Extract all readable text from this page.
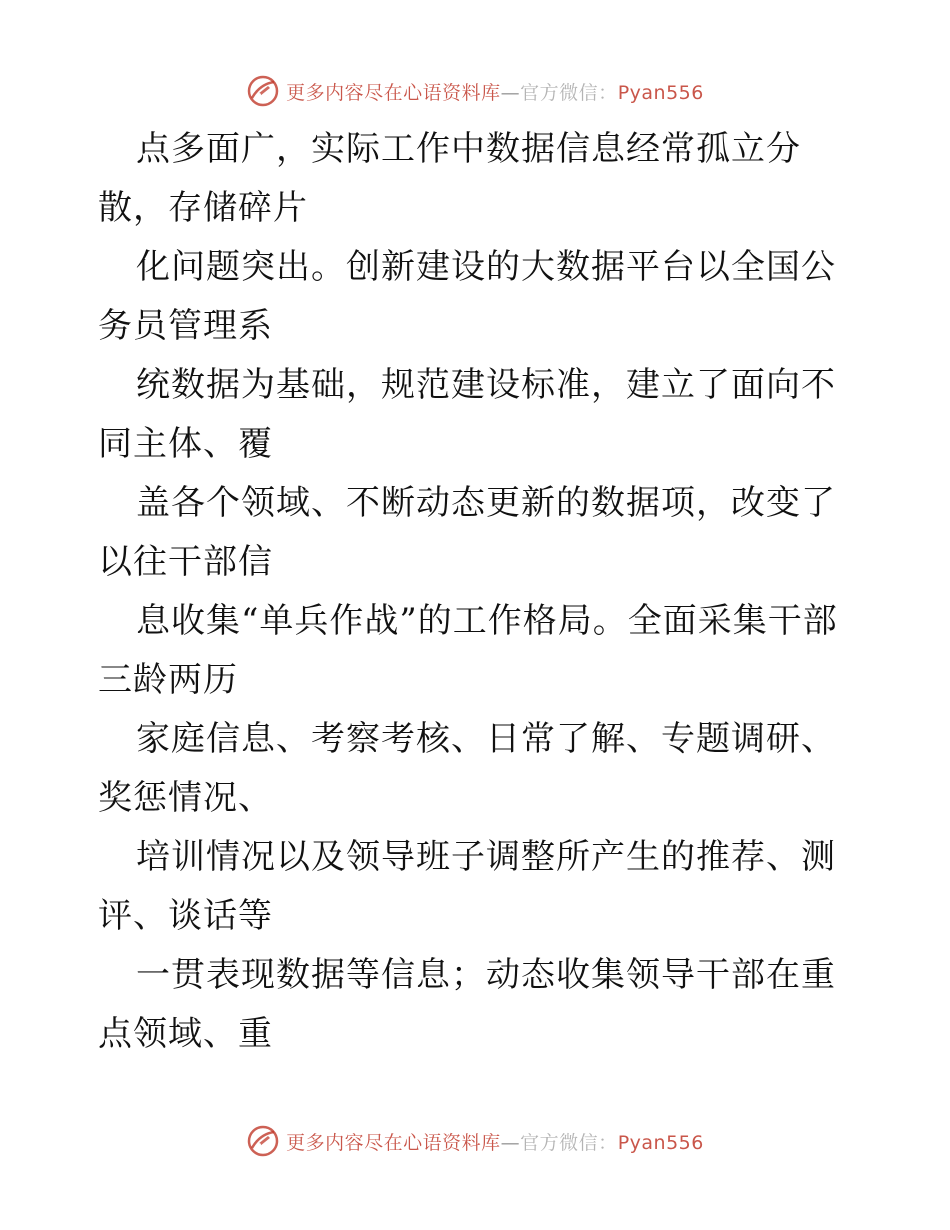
更多内容尽在心语资料库—官方微信：Pyan556

点多面广，实际工作中数据信息经常孤立分散，存储碎片

化问题突出。创新建设的大数据平台以全国公务员管理系

统数据为基础，规范建设标准，建立了面向不同主体、覆

盖各个领域、不断动态更新的数据项，改变了以往干部信

息收集“单兵作战”的工作格局。全面采集干部三龄两历

家庭信息、考察考核、日常了解、专题调研、奖惩情况、

培训情况以及领导班子调整所产生的推荐、测评、谈话等

一贯表现数据等信息；动态收集领导干部在重点领域、重

更多内容尽在心语资料库—官方微信：Pyan556
